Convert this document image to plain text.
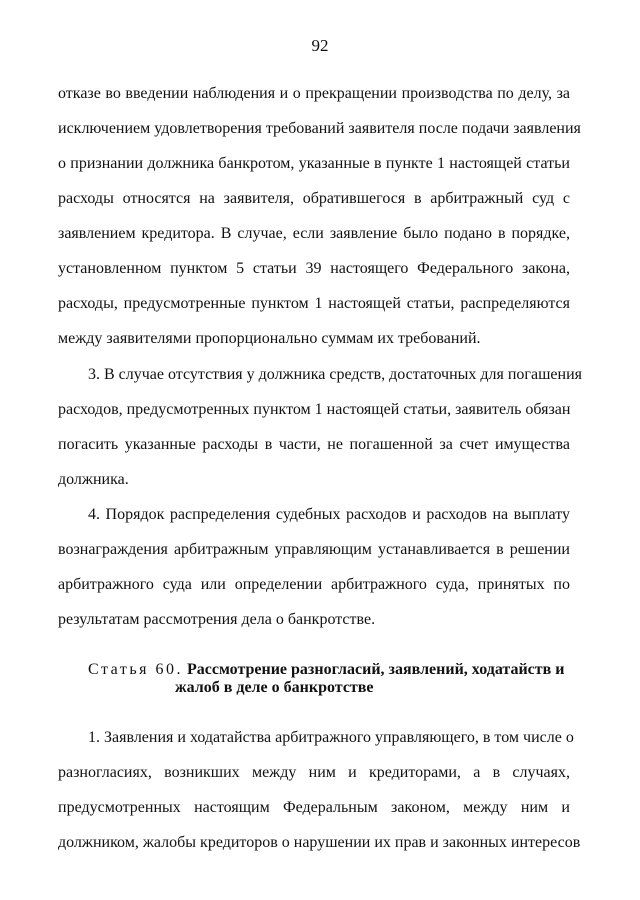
92
отказе во введении наблюдения и о прекращении производства по делу, за
исключением удовлетворения требований заявителя после подачи заявления
о признании должника банкротом, указанные в пункте 1 настоящей статьи
расходы относятся на заявителя, обратившегося в арбитражный суд с
заявлением кредитора. В случае, если заявление было подано в порядке,
установленном пунктом 5 статьи 39 настоящего Федерального закона,
расходы, предусмотренные пунктом 1 настоящей статьи, распределяются
между заявителями пропорционально суммам их требований.
3. В случае отсутствия у должника средств, достаточных для погашения
расходов, предусмотренных пунктом 1 настоящей статьи, заявитель обязан
погасить указанные расходы в части, не погашенной за счет имущества
должника.
4. Порядок распределения судебных расходов и расходов на выплату
вознаграждения арбитражным управляющим устанавливается в решении
арбитражного суда или определении арбитражного суда, принятых по
результатам рассмотрения дела о банкротстве.
Статья 60. Рассмотрение разногласий, заявлений, ходатайств и
жалоб в деле о банкротстве
1. Заявления и ходатайства арбитражного управляющего, в том числе о
разногласиях, возникших между ним и кредиторами, а в случаях,
предусмотренных настоящим Федеральным законом, между ним и
должником, жалобы кредиторов о нарушении их прав и законных интересов
